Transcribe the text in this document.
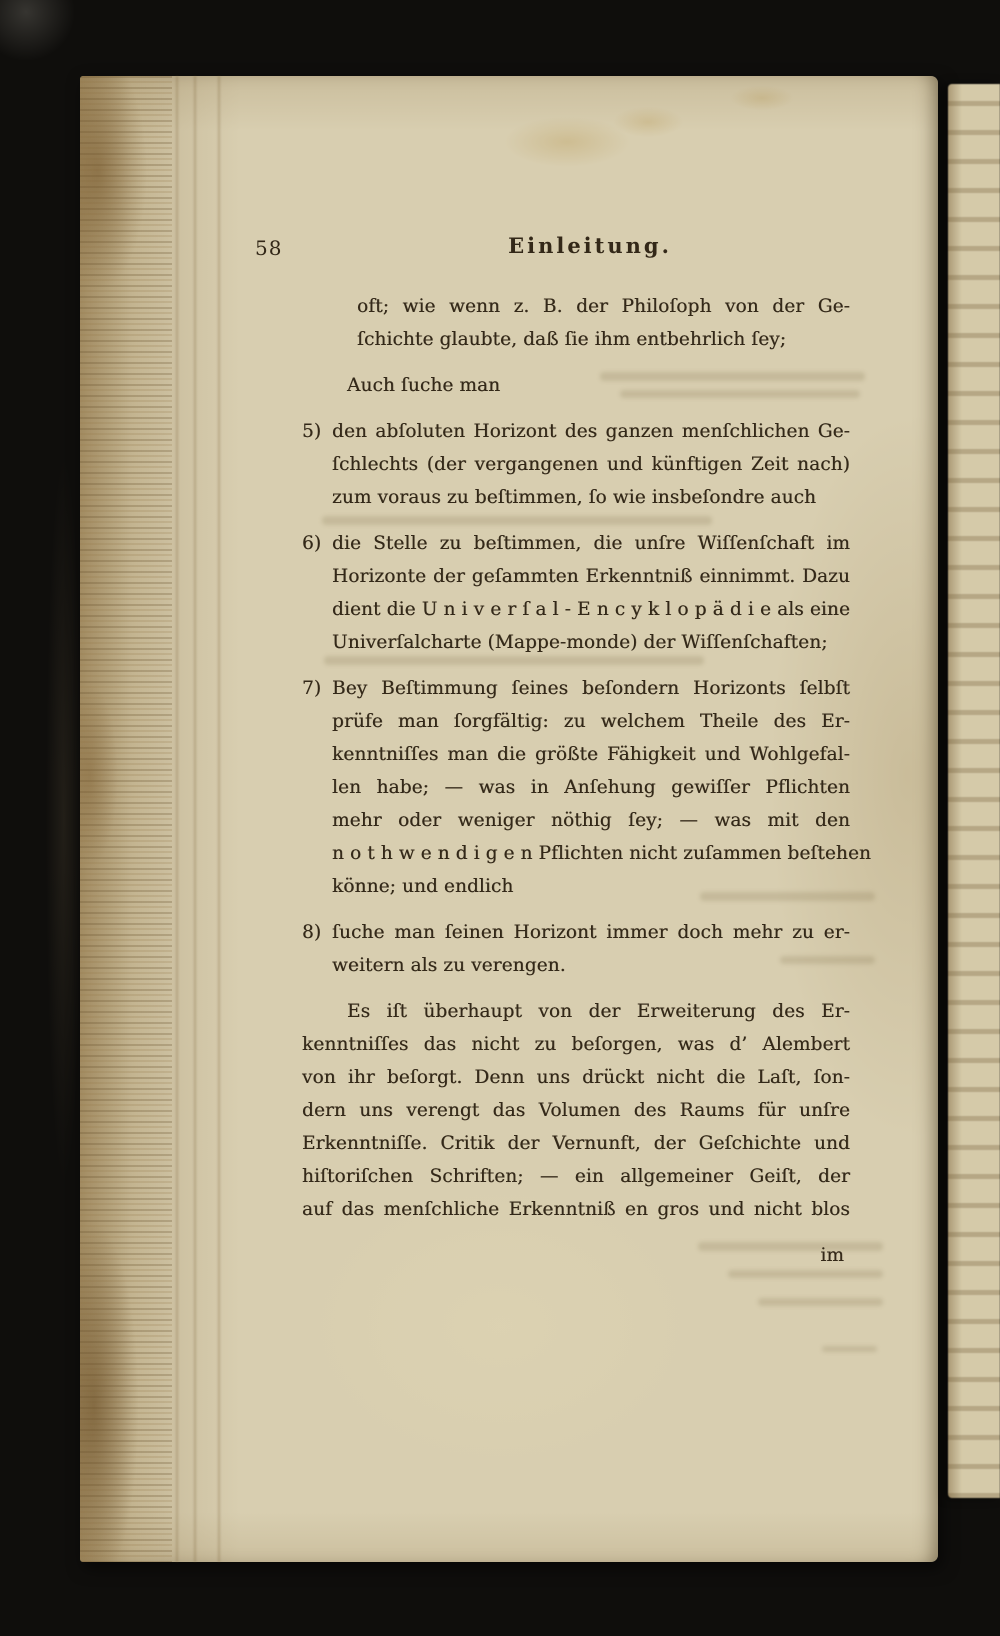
58	Einleitung.
oft; wie wenn z. B. der Philoſoph von der Ge-
ſchichte glaubte, daß ſie ihm entbehrlich ſey;
Auch ſuche man
5) den abſoluten Horizont des ganzen menſchlichen Ge-
ſchlechts (der vergangenen und künftigen Zeit nach)
zum voraus zu beſtimmen, ſo wie insbeſondre auch
6) die Stelle zu beſtimmen, die unſre Wiſſenſchaft im
Horizonte der geſammten Erkenntniß einnimmt. Dazu
dient die U n i v e r ſ a l - E n c y k l o p ä d i e als eine
Univerſalcharte (Mappe-monde) der Wiſſenſchaften;
7) Bey Beſtimmung ſeines beſondern Horizonts ſelbſt
prüfe man ſorgfältig: zu welchem Theile des Er-
kenntniſſes man die größte Fähigkeit und Wohlgefal-
len habe; — was in Anſehung gewiſſer Pflichten
mehr oder weniger nöthig ſey; — was mit den
n o t h w e n d i g e n Pflichten nicht zuſammen beſtehen
könne; und endlich
8) ſuche man ſeinen Horizont immer doch mehr zu er-
weitern als zu verengen.
Es iſt überhaupt von der Erweiterung des Er-
kenntniſſes das nicht zu beſorgen, was d’ Alembert
von ihr beſorgt. Denn uns drückt nicht die Laſt, ſon-
dern uns verengt das Volumen des Raums für unſre
Erkenntniſſe. Critik der Vernunft, der Geſchichte und
hiſtoriſchen Schriften; — ein allgemeiner Geiſt, der
auf das menſchliche Erkenntniß en gros und nicht blos
im
